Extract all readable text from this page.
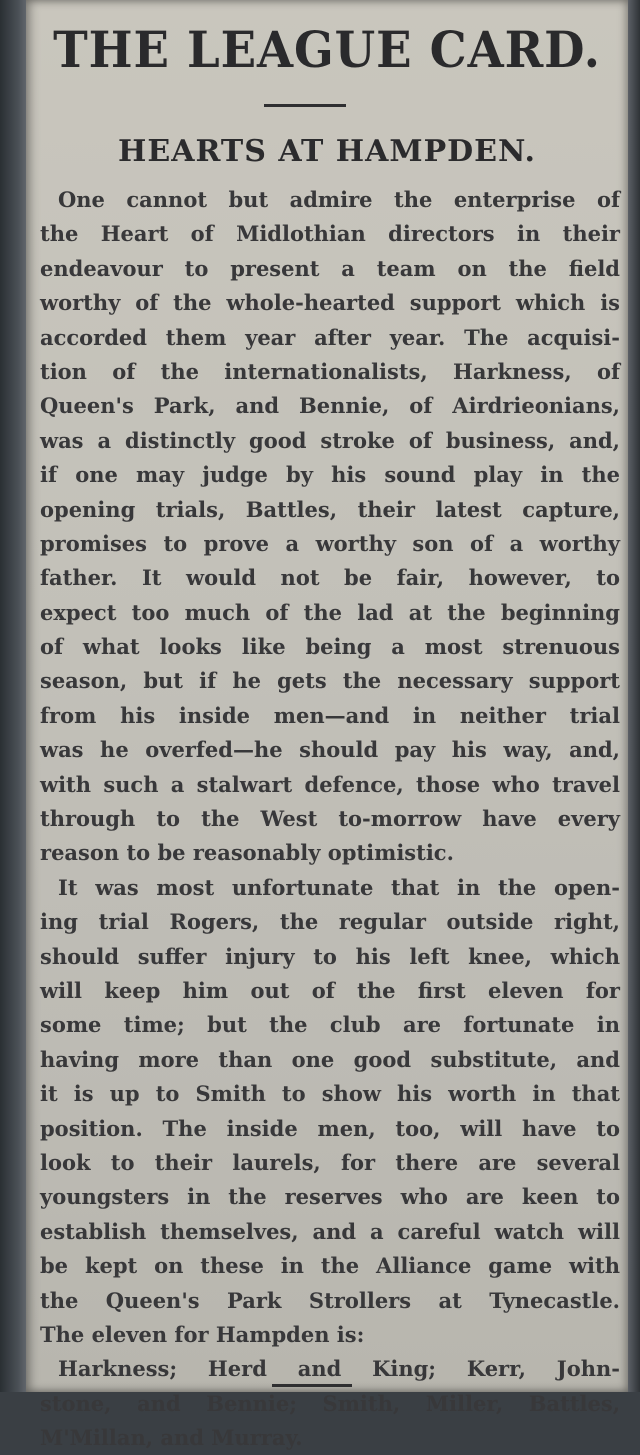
THE LEAGUE CARD.
HEARTS AT HAMPDEN.
One cannot but admire the enterprise of
the Heart of Midlothian directors in their
endeavour to present a team on the field
worthy of the whole-hearted support which is
accorded them year after year. The acquisi-
tion of the internationalists, Harkness, of
Queen's Park, and Bennie, of Airdrieonians,
was a distinctly good stroke of business, and,
if one may judge by his sound play in the
opening trials, Battles, their latest capture,
promises to prove a worthy son of a worthy
father. It would not be fair, however, to
expect too much of the lad at the beginning
of what looks like being a most strenuous
season, but if he gets the necessary support
from his inside men—and in neither trial
was he overfed—he should pay his way, and,
with such a stalwart defence, those who travel
through to the West to-morrow have every
reason to be reasonably optimistic.
It was most unfortunate that in the open-
ing trial Rogers, the regular outside right,
should suffer injury to his left knee, which
will keep him out of the first eleven for
some time; but the club are fortunate in
having more than one good substitute, and
it is up to Smith to show his worth in that
position. The inside men, too, will have to
look to their laurels, for there are several
youngsters in the reserves who are keen to
establish themselves, and a careful watch will
be kept on these in the Alliance game with
the Queen's Park Strollers at Tynecastle.
The eleven for Hampden is:
Harkness; Herd and King; Kerr, John-
stone, and Bennie; Smith, Miller, Battles,
M'Millan, and Murray.
